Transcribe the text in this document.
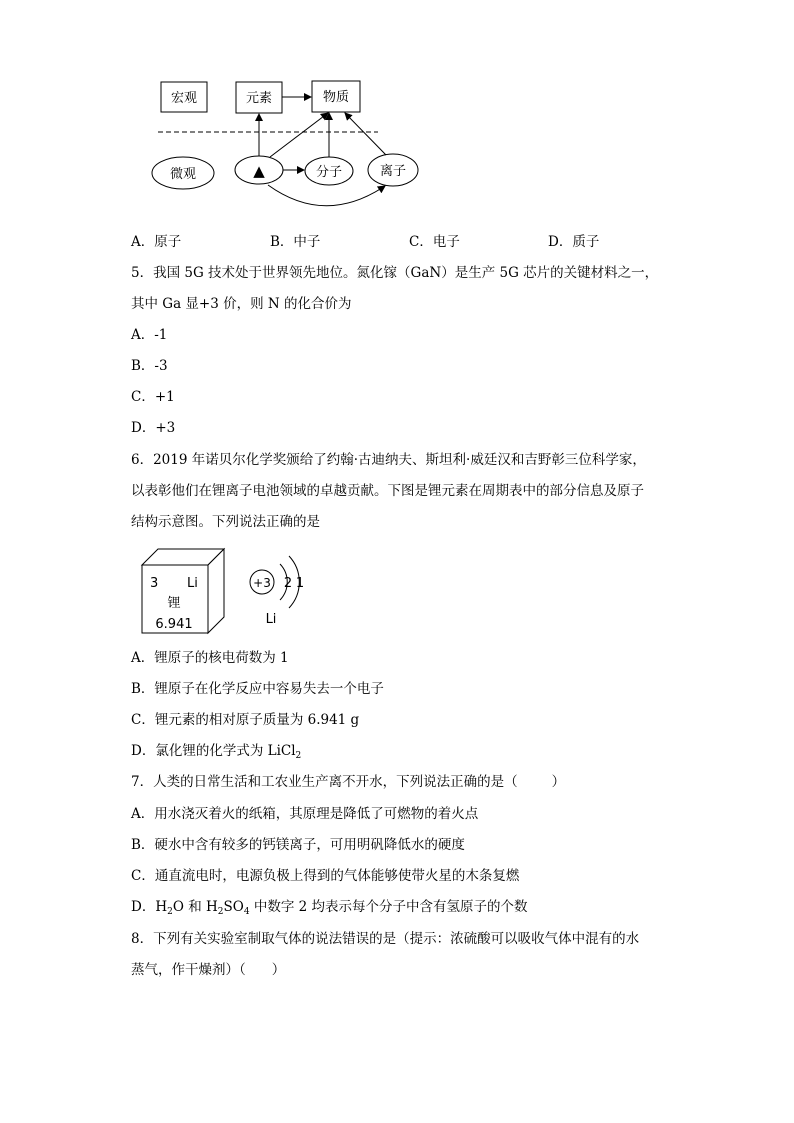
宏观	元素	物质
微观	▲	分子	离子
A．原子	B．中子	C．电子	D．质子
5．我国 5G 技术处于世界领先地位。氮化镓（GaN）是生产 5G 芯片的关键材料之一，
其中 Ga 显+3 价，则 N 的化合价为
A．-1
B．-3
C．+1
D．+3
6．2019 年诺贝尔化学奖颁给了约翰·古迪纳夫、斯坦利·威廷汉和吉野彰三位科学家，
以表彰他们在锂离子电池领域的卓越贡献。下图是锂元素在周期表中的部分信息及原子
结构示意图。下列说法正确的是
3 Li
锂
6.941
+3 2 1
Li
A．锂原子的核电荷数为 1
B．锂原子在化学反应中容易失去一个电子
C．锂元素的相对原子质量为 6.941 g
D．氯化锂的化学式为 LiCl$_2$
7．人类的日常生活和工农业生产离不开水，下列说法正确的是（	）
A．用水浇灭着火的纸箱，其原理是降低了可燃物的着火点
B．硬水中含有较多的钙镁离子，可用明矾降低水的硬度
C．通直流电时，电源负极上得到的气体能够使带火星的木条复燃
D．$H_2O$ 和 $H_2SO_4$ 中数字 2 均表示每个分子中含有氢原子的个数
8．下列有关实验室制取气体的说法错误的是（提示：浓硫酸可以吸收气体中混有的水
蒸气，作干燥剂）（ ）
